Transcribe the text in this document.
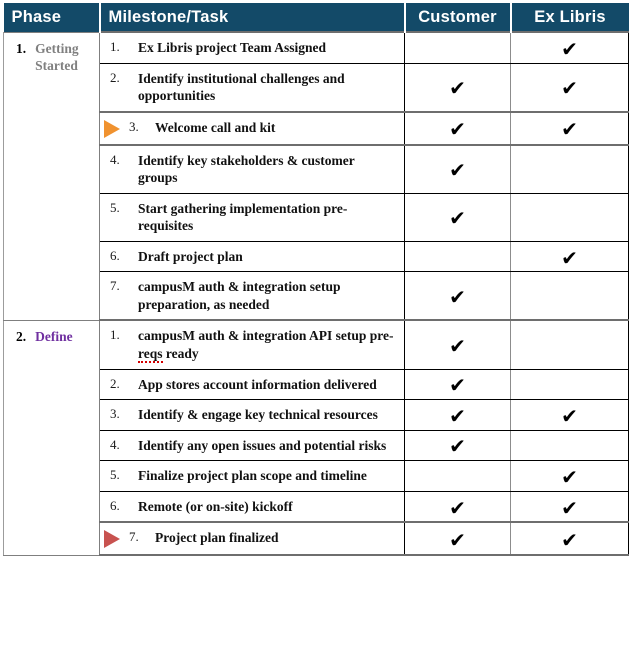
Phase	Milestone/Task	Customer	Ex Libris

1. Getting Started	1. Ex Libris project Team Assigned		✔

	2. Identify institutional challenges and opportunities	✔	✔

	3. Welcome call and kit	✔	✔

	4. Identify key stakeholders & customer groups	✔	

	5. Start gathering implementation pre-requisites	✔	

	6. Draft project plan		✔

	7. campusM auth & integration setup preparation, as needed	✔	

2. Define	1. campusM auth & integration API setup pre-reqs ready	✔	

	2. App stores account information delivered	✔	

	3. Identify & engage key technical resources	✔	✔

	4. Identify any open issues and potential risks	✔	

	5. Finalize project plan scope and timeline		✔

	6. Remote (or on-site) kickoff	✔	✔

	7. Project plan finalized	✔	✔
